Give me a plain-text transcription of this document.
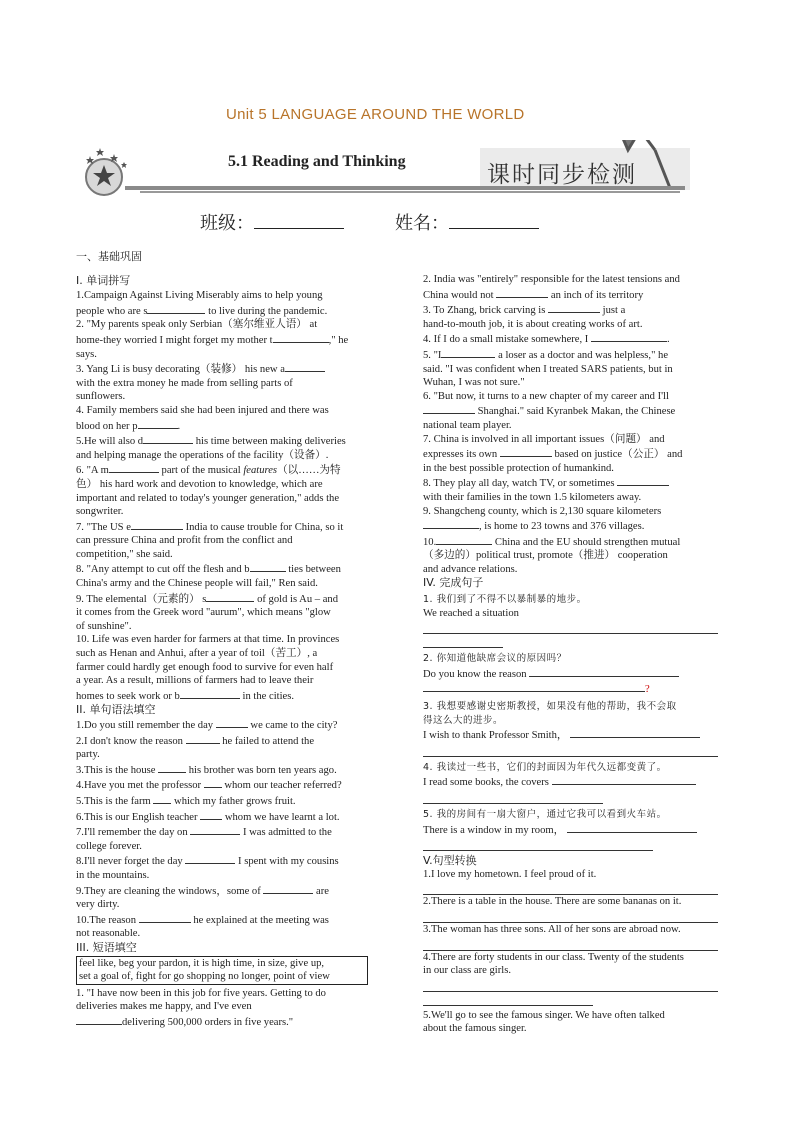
Unit 5 LANGUAGE AROUND THE WORLD
5.1 Reading and Thinking
课时同步检测
班级：	姓名：

一、基础巩固

I. 单词拼写

1.Campaign Against Living Miserably aims to help young

people who are s	to live during the pandemic.

2. "My parents speak only Serbian（塞尔维亚人语） at

home-they worried I might forget my mother t	," he

says.

3. Yang Li is busy decorating（装修） his new a

with the extra money he made from selling parts of

sunflowers.

4. Family members said she had been injured and there was

blood on her p	.

5.He will also d	his time between making deliveries

and helping manage the operations of the facility（设备）.

6. "A m	part of the musical features（以……为特

色） his hard work and devotion to knowledge, which are

important and related to today's younger generation," adds the

songwriter.

7. "The US e	India to cause trouble for China, so it

can pressure China and profit from the conflict and

competition," she said.

8. "Any attempt to cut off the flesh and b	ties between

China's army and the Chinese people will fail," Ren said.

9. The elemental（元素的） s	of gold is Au – and

it comes from the Greek word "aurum", which means "glow

of sunshine".

10. Life was even harder for farmers at that time. In provinces

such as Henan and Anhui, after a year of toil（苦工）, a

farmer could hardly get enough food to survive for even half

a year. As a result, millions of farmers had to leave their

homes to seek work or b	in the cities.

II. 单句语法填空

1.Do you still remember the day	we came to the city?

2.I don't know the reason	he failed to attend the

party.

3.This is the house	his brother was born ten years ago.

4.Have you met the professor  whom our teacher referred?

5.This is the farm  which my father grows fruit.

6.This is our English teacher  whom we have learnt a lot.

7.I'll remember the day on	I was admitted to the

college forever.

8.I'll never forget the day	I spent with my cousins

in the mountains.

9.They are cleaning the windows，some of	are

very dirty.

10.The reason	he explained at the meeting was

not reasonable.

III. 短语填空

feel like, beg your pardon, it is high time, in size, give up,

set a goal of, fight for go shopping no longer, point of view

1. "I have now been in this job for five years. Getting to do

deliveries makes me happy, and I've even

delivering 500,000 orders in five years."

2. India was "entirely" responsible for the latest tensions and

China would not	an inch of its territory

3. To Zhang, brick carving is	just a

hand-to-mouth job, it is about creating works of art.

4. If I do a small mistake somewhere, I	.

5. "I	a loser as a doctor and was helpless," he

said. "I was confident when I treated SARS patients, but in

Wuhan, I was not sure."

6. "But now, it turns to a new chapter of my career and I'll

Shanghai." said Kyranbek Makan, the Chinese

national team player.

7. China is involved in all important issues（问题） and

expresses its own	based on justice（公正） and

in the best possible protection of humankind.

8. They play all day, watch TV, or sometimes

with their families in the town 1.5 kilometers away.

9. Shangcheng county, which is 2,130 square kilometers

, is home to 23 towns and 376 villages.

10.	China and the EU should strengthen mutual

（多边的）political trust, promote（推进） cooperation

and advance relations.

IV. 完成句子

1. 我们到了不得不以暴制暴的地步。

We reached a situation

2. 你知道他缺席会议的原因吗？

Do you know the reason

?

3. 我想要感谢史密斯教授，如果没有他的帮助，我不会取

得这么大的进步。

I wish to thank Professor Smith，

4. 我读过一些书，它们的封面因为年代久远都变黄了。

I read some books, the covers

5. 我的房间有一扇大窗户，通过它我可以看到火车站。

There is a window in my room，

V.句型转换

1.I love my hometown. I feel proud of it.

2.There is a table in the house. There are some bananas on it.

3.The woman has three sons. All of her sons are abroad now.

4.There are forty students in our class. Twenty of the students

in our class are girls.

5.We'll go to see the famous singer. We have often talked

about the famous singer.
